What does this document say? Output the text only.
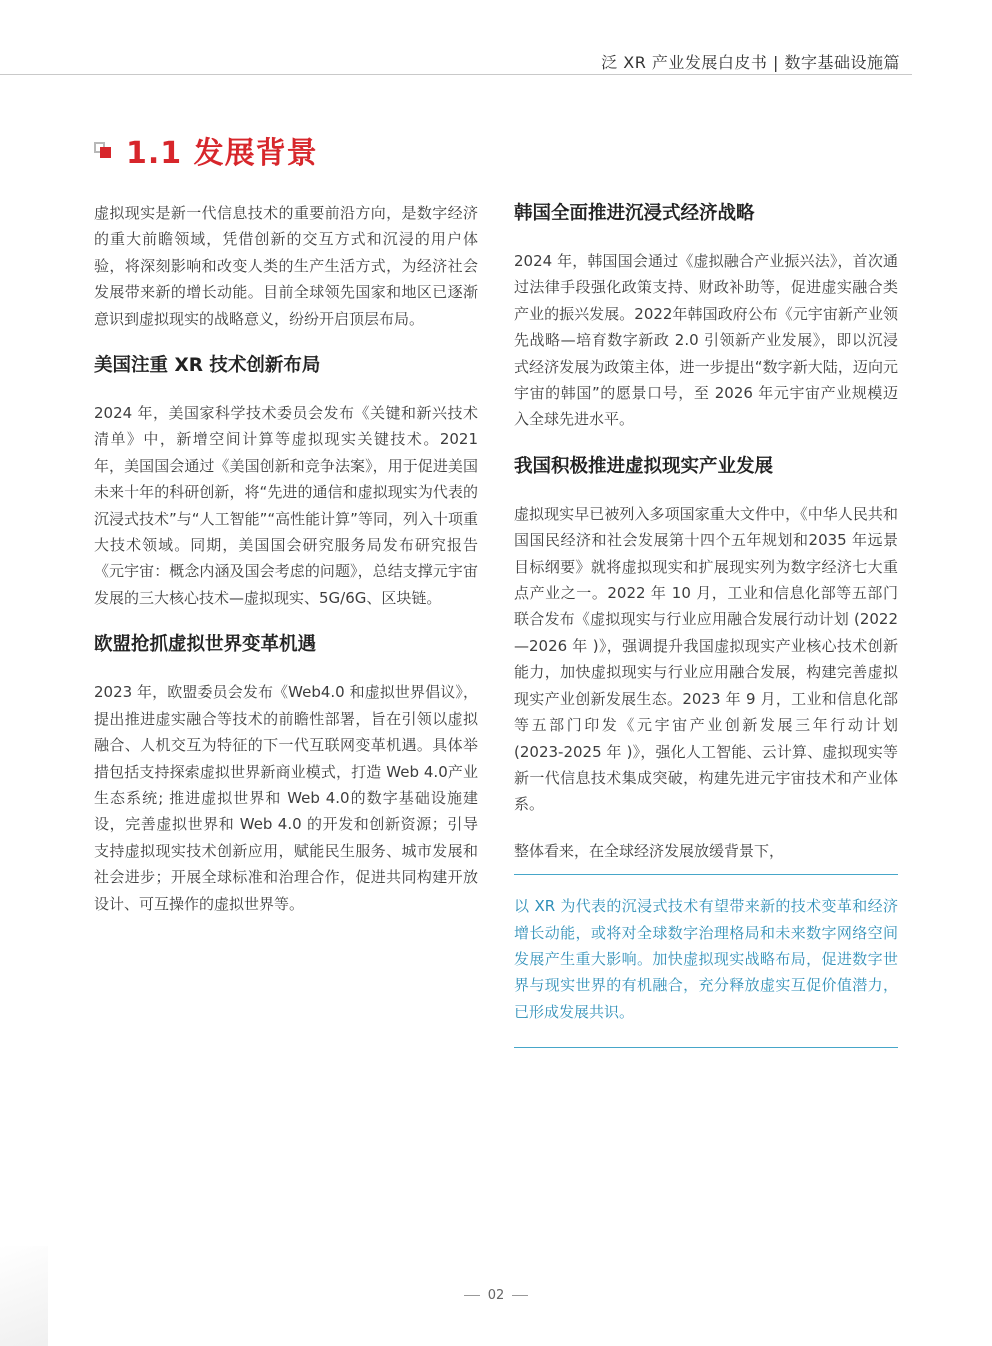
泛 XR 产业发展白皮书 | 数字基础设施篇
1.1 发展背景

虚拟现实是新一代信息技术的重要前沿方向，是数字经济的重大前瞻领域，凭借创新的交互方式和沉浸的用户体验，将深刻影响和改变人类的生产生活方式，为经济社会发展带来新的增长动能。目前全球领先国家和地区已逐渐意识到虚拟现实的战略意义，纷纷开启顶层布局。

美国注重 XR 技术创新布局

2024 年，美国家科学技术委员会发布《关键和新兴技术清单》中，新增空间计算等虚拟现实关键技术。2021 年，美国国会通过《美国创新和竞争法案》，用于促进美国未来十年的科研创新，将“先进的通信和虚拟现实为代表的沉浸式技术”与“人工智能”“高性能计算”等同，列入十项重大技术领域。同期，美国国会研究服务局发布研究报告《元宇宙：概念内涵及国会考虑的问题》，总结支撑元宇宙发展的三大核心技术—虚拟现实、5G/6G、区块链。

欧盟抢抓虚拟世界变革机遇

2023 年，欧盟委员会发布《Web4.0 和虚拟世界倡议》，提出推进虚实融合等技术的前瞻性部署，旨在引领以虚拟融合、人机交互为特征的下一代互联网变革机遇。具体举措包括支持探索虚拟世界新商业模式，打造 Web 4.0产业生态系统; 推进虚拟世界和 Web 4.0的数字基础设施建设，完善虚拟世界和 Web 4.0 的开发和创新资源；引导支持虚拟现实技术创新应用，赋能民生服务、城市发展和社会进步；开展全球标准和治理合作，促进共同构建开放设计、可互操作的虚拟世界等。

韩国全面推进沉浸式经济战略

2024 年，韩国国会通过《虚拟融合产业振兴法》，首次通过法律手段强化政策支持、财政补助等，促进虚实融合类产业的振兴发展。2022年韩国政府公布《元宇宙新产业领先战略—培育数字新政 2.0 引领新产业发展》，即以沉浸式经济发展为政策主体，进一步提出“数字新大陆，迈向元宇宙的韩国”的愿景口号，至 2026 年元宇宙产业规模迈入全球先进水平。

我国积极推进虚拟现实产业发展

虚拟现实早已被列入多项国家重大文件中，《中华人民共和国国民经济和社会发展第十四个五年规划和2035 年远景目标纲要》就将虚拟现实和扩展现实列为数字经济七大重点产业之一。2022 年 10 月，工业和信息化部等五部门联合发布《虚拟现实与行业应用融合发展行动计划 (2022—2026 年 )》，强调提升我国虚拟现实产业核心技术创新能力，加快虚拟现实与行业应用融合发展，构建完善虚拟现实产业创新发展生态。2023 年 9 月，工业和信息化部等五部门印发《元宇宙产业创新发展三年行动计划 (2023-2025 年 )》，强化人工智能、云计算、虚拟现实等新一代信息技术集成突破，构建先进元宇宙技术和产业体系。

整体看来，在全球经济发展放缓背景下，

以 XR 为代表的沉浸式技术有望带来新的技术变革和经济增长动能，或将对全球数字治理格局和未来数字网络空间发展产生重大影响。加快虚拟现实战略布局，促进数字世界与现实世界的有机融合，充分释放虚实互促价值潜力，已形成发展共识。

02
